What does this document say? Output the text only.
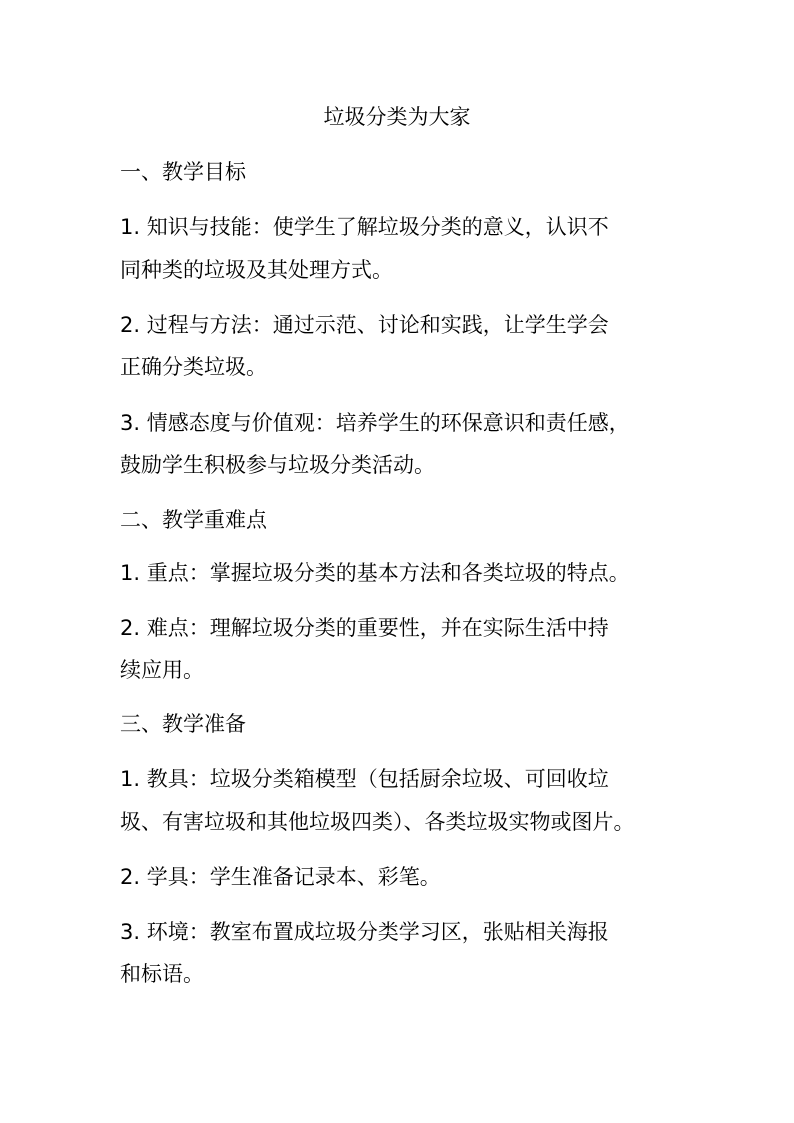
垃圾分类为大家
一、教学目标
1. 知识与技能：使学生了解垃圾分类的意义，认识不
同种类的垃圾及其处理方式。
2. 过程与方法：通过示范、讨论和实践，让学生学会
正确分类垃圾。
3. 情感态度与价值观：培养学生的环保意识和责任感，
鼓励学生积极参与垃圾分类活动。
二、教学重难点
1. 重点：掌握垃圾分类的基本方法和各类垃圾的特点。
2. 难点：理解垃圾分类的重要性，并在实际生活中持
续应用。
三、教学准备
1. 教具：垃圾分类箱模型（包括厨余垃圾、可回收垃
圾、有害垃圾和其他垃圾四类）、各类垃圾实物或图片。
2. 学具：学生准备记录本、彩笔。
3. 环境：教室布置成垃圾分类学习区，张贴相关海报
和标语。
